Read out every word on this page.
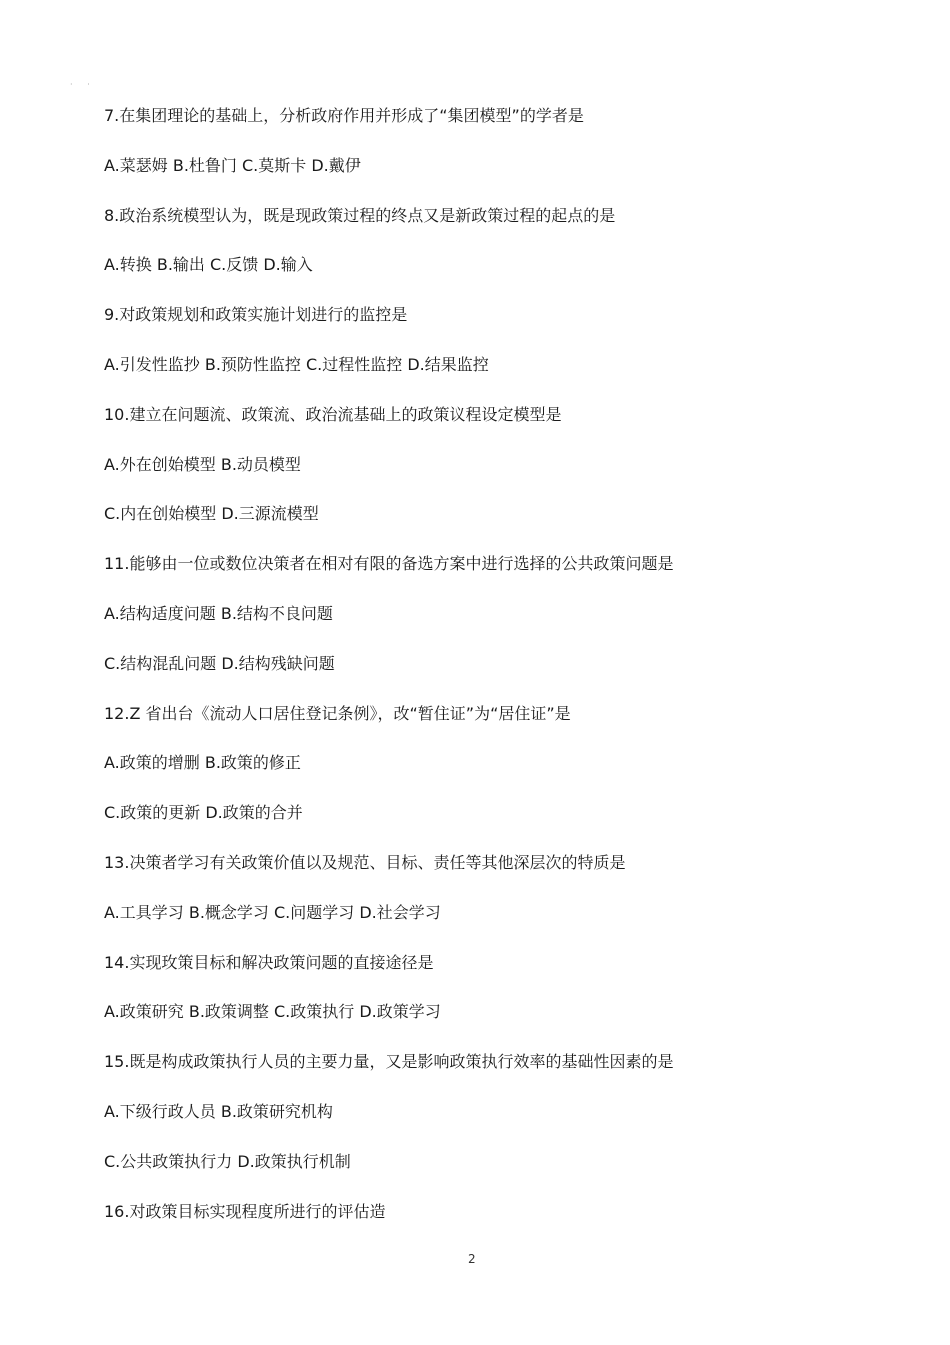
· ·
7.在集团理论的基础上，分析政府作用并形成了“集团模型”的学者是
A.菜瑟姆 B.杜鲁门 C.莫斯卡 D.戴伊
8.政治系统模型认为，既是现政策过程的终点又是新政策过程的起点的是
A.转换 B.输出 C.反馈 D.输入
9.对政策规划和政策实施计划进行的监控是
A.引发性监抄 B.预防性监控 C.过程性监控 D.结果监控
10.建立在问题流、政策流、政治流基础上的政策议程设定模型是
A.外在创始模型 B.动员模型
C.内在创始模型 D.三源流模型
11.能够由一位或数位决策者在相对有限的备选方案中进行选择的公共政策问题是
A.结构适度问题 B.结构不良问题
C.结构混乱问题 D.结构残缺问题
12.Z 省出台《流动人口居住登记条例》，改“暂住证”为“居住证”是
A.政策的增删 B.政策的修正
C.政策的更新 D.政策的合并
13.决策者学习有关政策价值以及规范、目标、责任等其他深层次的特质是
A.工具学习 B.概念学习 C.问题学习 D.社会学习
14.实现玫策目标和解决政策问题的直接途径是
A.政策研究 B.政策调整 C.政策执行 D.政策学习
15.既是构成政策执行人员的主要力量，又是影响政策执行效率的基础性因素的是
A.下级行政人员 B.政策研究机构
C.公共政策执行力 D.政策执行机制
16.对政策目标实现程度所进行的评估造
2
